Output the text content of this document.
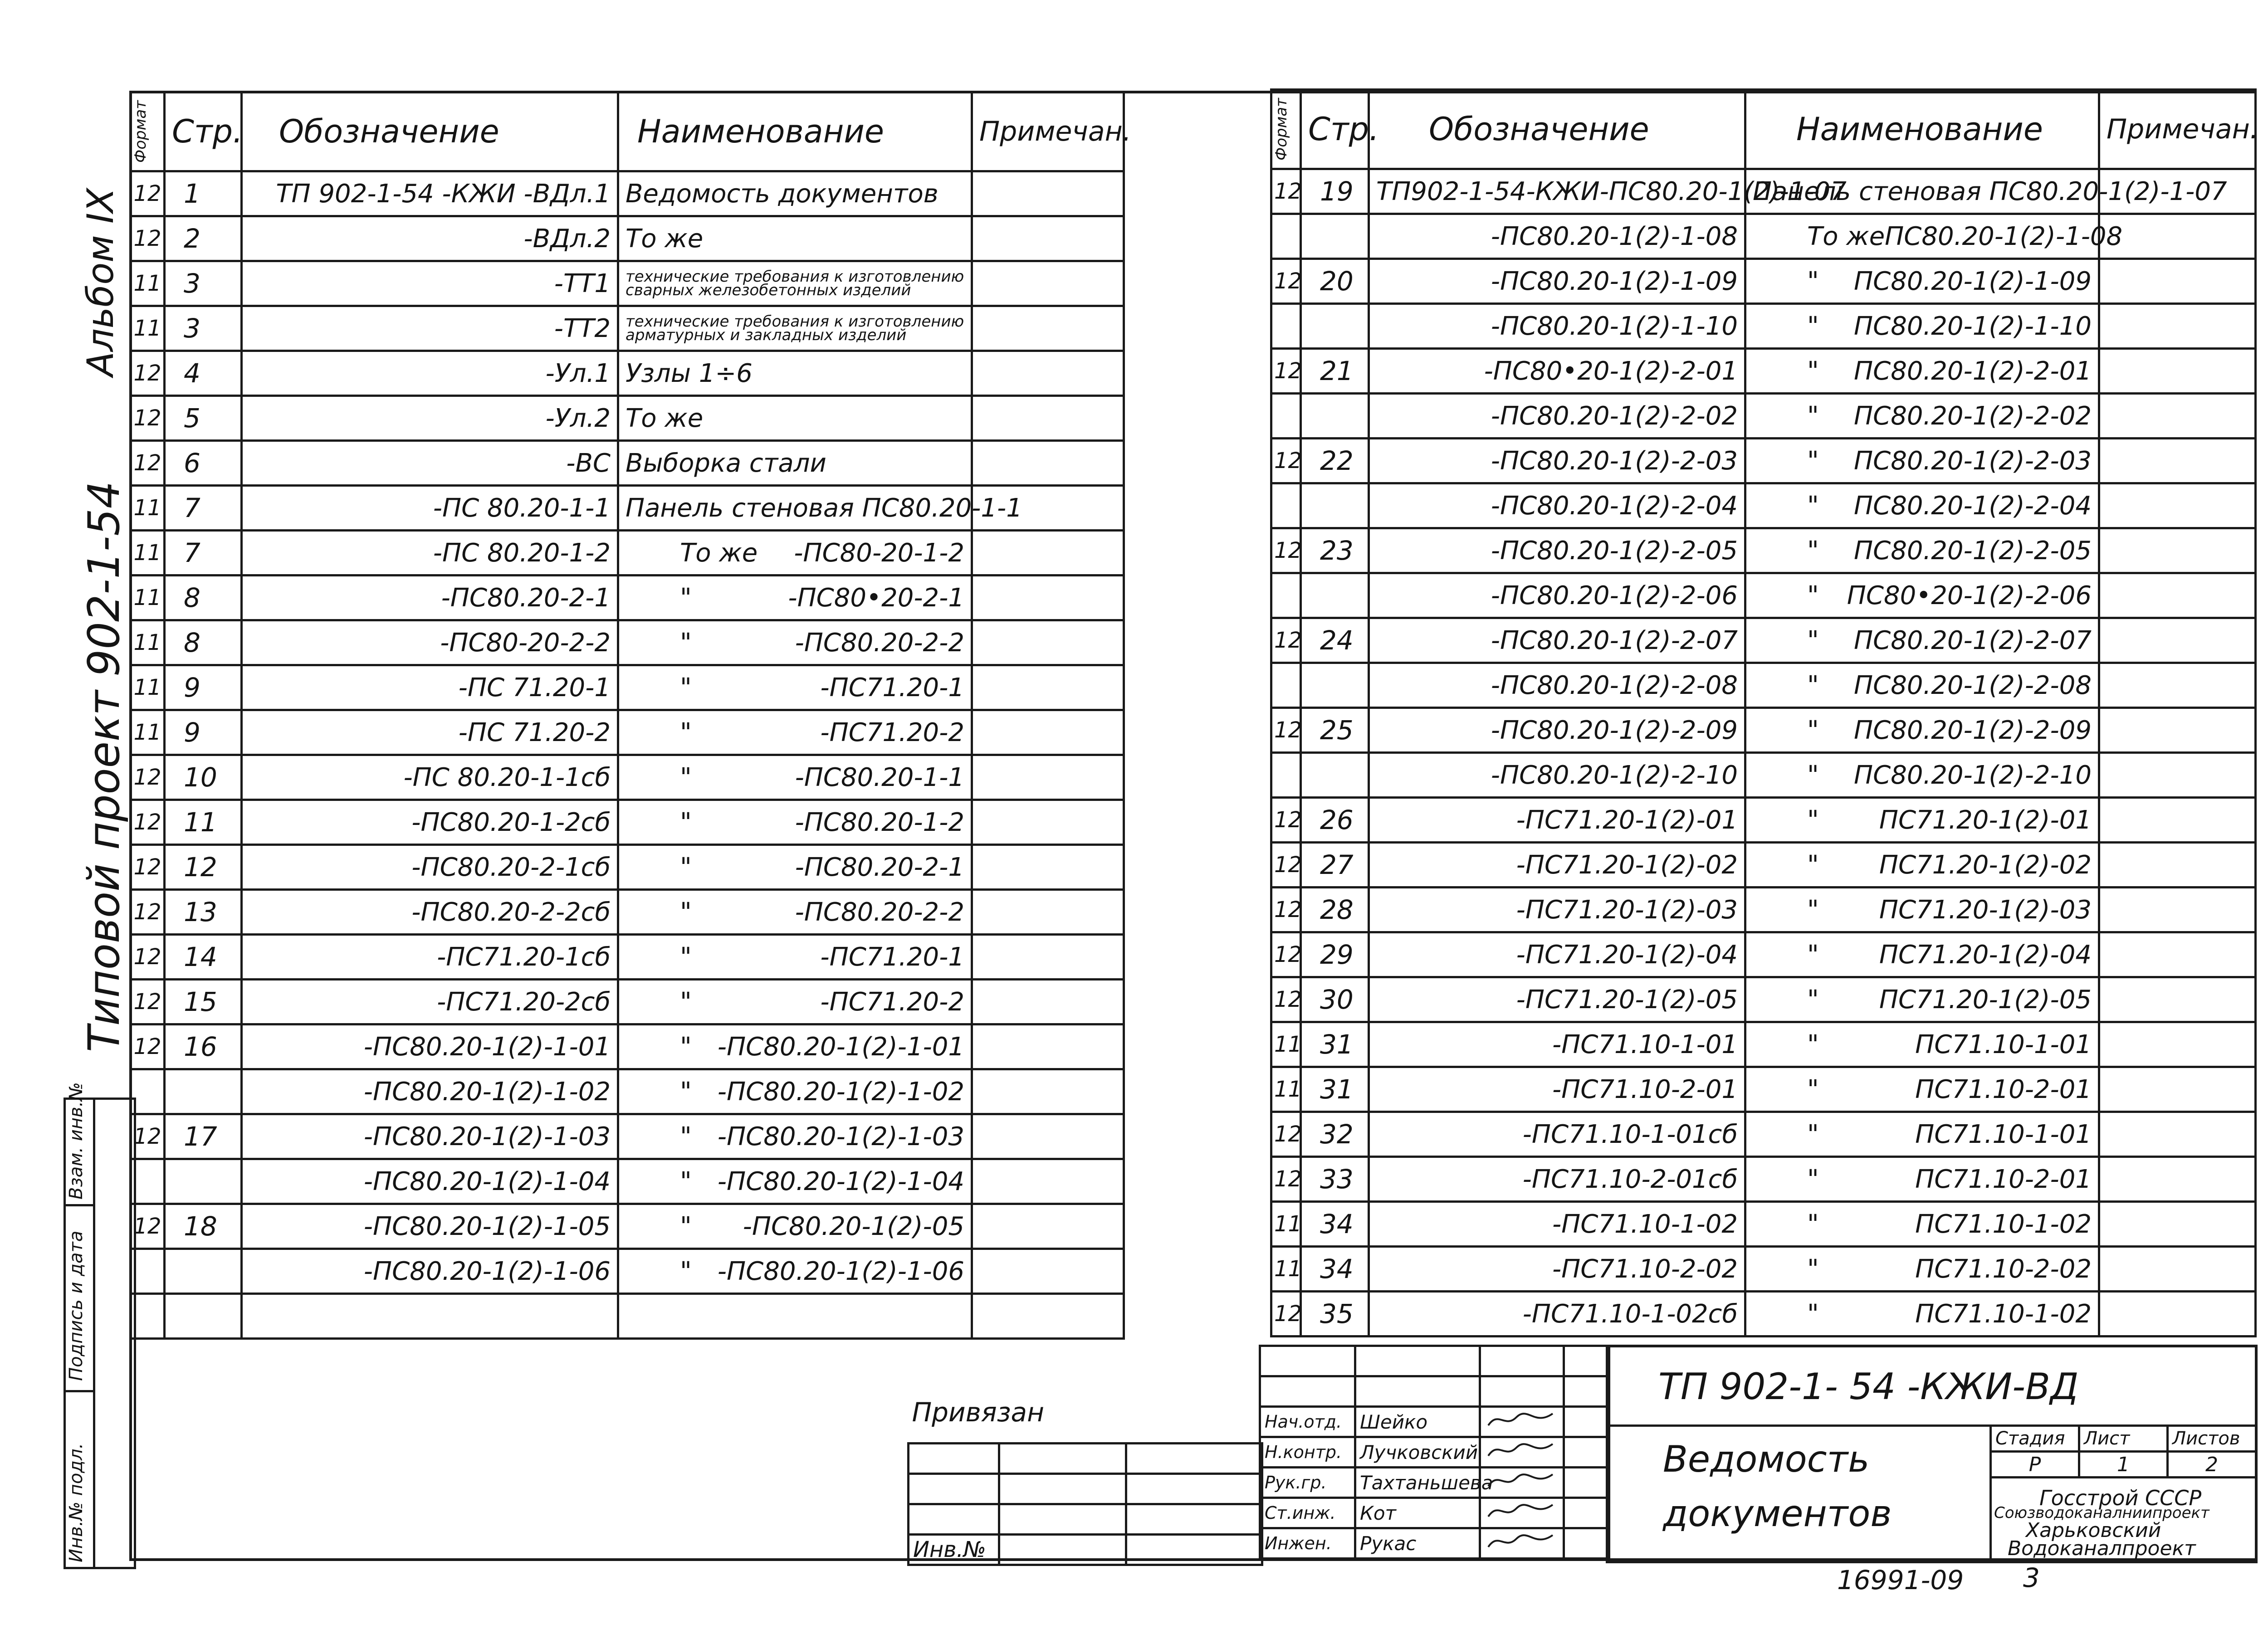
Альбом IX
Типовой проект 902-1-54
Инв.№ подл.
Подпись и дата
Взам. инв.№
Формат	Стр.	Обозначение	Наименование	Примечан.
12	1	ТП 902-1-54 -КЖИ -ВДл.1	Ведомость документов	
12	2	-ВДл.2	То же	
11	3	-ТТ1	технические требования к изготовлению сварных железобетонных изделий	
11	3	-ТТ2	технические требования к изготовлению арматурных и закладных изделий	
12	4	-Ул.1	Узлы 1÷6	
12	5	-Ул.2	То же	
12	6	-ВС	Выборка стали	
11	7	-ПС 80.20-1-1	Панель стеновая ПС80.20-1-1	
11	7	-ПС 80.20-1-2	То же -ПС80-20-1-2	

11	8	-ПС80.20-2-1	" -ПС80•20-2-1	

11	8	-ПС80-20-2-2	" -ПС80.20-2-2	

11	9	-ПС 71.20-1	" -ПС71.20-1	

11	9	-ПС 71.20-2	" -ПС71.20-2	

12	10	-ПС 80.20-1-1сб	" -ПС80.20-1-1	

12	11	-ПС80.20-1-2сб	" -ПС80.20-1-2	

12	12	-ПС80.20-2-1сб	" -ПС80.20-2-1	

12	13	-ПС80.20-2-2сб	" -ПС80.20-2-2	

12	14	-ПС71.20-1сб	" -ПС71.20-1	

12	15	-ПС71.20-2сб	" -ПС71.20-2	

12	16	-ПС80.20-1(2)-1-01	" -ПС80.20-1(2)-1-01	

		-ПС80.20-1(2)-1-02	" -ПС80.20-1(2)-1-02	

12	17	-ПС80.20-1(2)-1-03	" -ПС80.20-1(2)-1-03	

		-ПС80.20-1(2)-1-04	" -ПС80.20-1(2)-1-04	

12	18	-ПС80.20-1(2)-1-05	" -ПС80.20-1(2)-05	

		-ПС80.20-1(2)-1-06	" -ПС80.20-1(2)-1-06	

Формат	Стр.	Обозначение	Наименование	Примечан.
12	19	ТП902-1-54-КЖИ-ПС80.20-1(2)-1-07	Панель стеновая ПС80.20-1(2)-1-07	
		-ПС80.20-1(2)-1-08	То же ПС80.20-1(2)-1-08	

12	20	-ПС80.20-1(2)-1-09	" ПС80.20-1(2)-1-09	

		-ПС80.20-1(2)-1-10	" ПС80.20-1(2)-1-10	

12	21	-ПС80•20-1(2)-2-01	" ПС80.20-1(2)-2-01	

		-ПС80.20-1(2)-2-02	" ПС80.20-1(2)-2-02	

12	22	-ПС80.20-1(2)-2-03	" ПС80.20-1(2)-2-03	

		-ПС80.20-1(2)-2-04	" ПС80.20-1(2)-2-04	

12	23	-ПС80.20-1(2)-2-05	" ПС80.20-1(2)-2-05	

		-ПС80.20-1(2)-2-06	" ПС80•20-1(2)-2-06	

12	24	-ПС80.20-1(2)-2-07	" ПС80.20-1(2)-2-07	

		-ПС80.20-1(2)-2-08	" ПС80.20-1(2)-2-08	

12	25	-ПС80.20-1(2)-2-09	" ПС80.20-1(2)-2-09	

		-ПС80.20-1(2)-2-10	" ПС80.20-1(2)-2-10	

12	26	-ПС71.20-1(2)-01	" ПС71.20-1(2)-01	

12	27	-ПС71.20-1(2)-02	" ПС71.20-1(2)-02	

12	28	-ПС71.20-1(2)-03	" ПС71.20-1(2)-03	

12	29	-ПС71.20-1(2)-04	" ПС71.20-1(2)-04	

12	30	-ПС71.20-1(2)-05	" ПС71.20-1(2)-05	

11	31	-ПС71.10-1-01	" ПС71.10-1-01	

11	31	-ПС71.10-2-01	" ПС71.10-2-01	

12	32	-ПС71.10-1-01сб	" ПС71.10-1-01	

12	33	-ПС71.10-2-01сб	" ПС71.10-2-01	

11	34	-ПС71.10-1-02	" ПС71.10-1-02	

11	34	-ПС71.10-2-02	" ПС71.10-2-02	

12	35	-ПС71.10-1-02сб	" ПС71.10-1-02	

Привязан		

Инв.№		

Нач.отд.	Шейко		
Н.контр.	Лучковский		
Рук.гр.	Тахтаньшева		
Ст.инж.	Кот		
Инжен.	Рукас		
ТП 902-1- 54 -КЖИ-ВД
Ведомость
документов
Стадия	Лист	Листов
Р	1	2
Госстрой СССР
Союзводоканалниипроект
Харьковский
Водоканалпроект
16991-09 3
